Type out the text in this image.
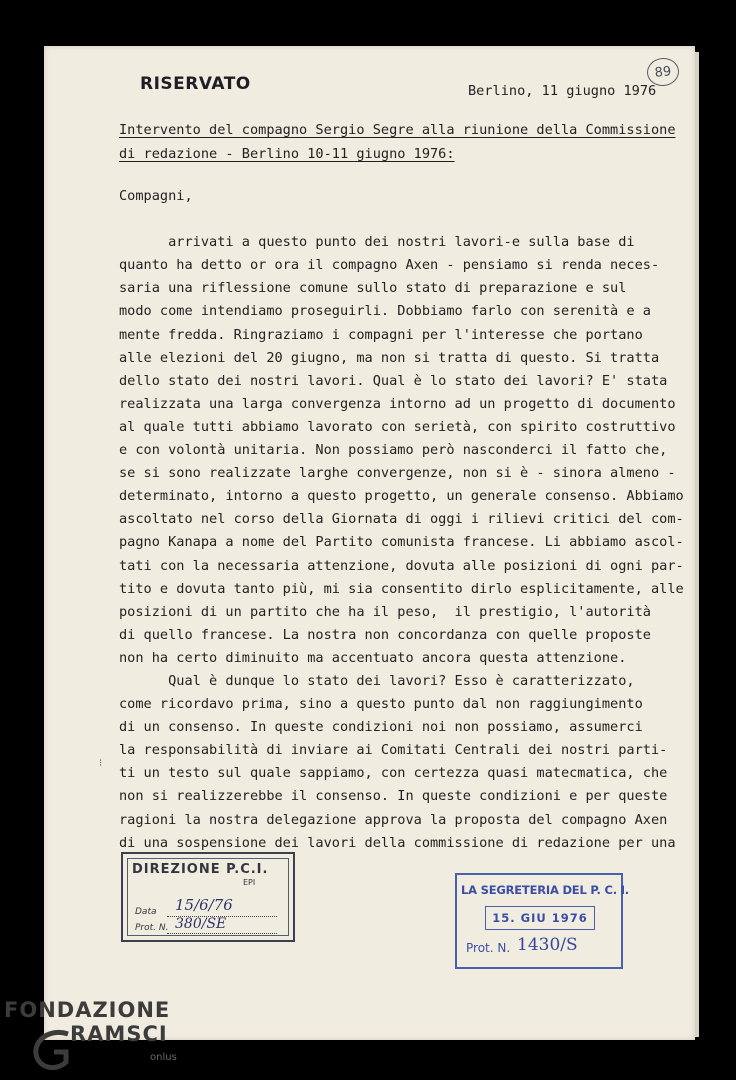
RISERVATO
89
Berlino, 11 giugno 1976
Intervento del compagno Sergio Segre alla riunione della Commissione
di redazione - Berlino 10-11 giugno 1976:
Compagni,
arrivati a questo punto dei nostri lavori-e sulla base di
quanto ha detto or ora il compagno Axen - pensiamo si renda neces-
saria una riflessione comune sullo stato di preparazione e sul
modo come intendiamo proseguirli. Dobbiamo farlo con serenità e a
mente fredda. Ringraziamo i compagni per l'interesse che portano
alle elezioni del 20 giugno, ma non si tratta di questo. Si tratta
dello stato dei nostri lavori. Qual è lo stato dei lavori? E' stata
realizzata una larga convergenza intorno ad un progetto di documento
al quale tutti abbiamo lavorato con serietà, con spirito costruttivo
e con volontà unitaria. Non possiamo però nasconderci il fatto che,
se si sono realizzate larghe convergenze, non si è - sinora almeno -
determinato, intorno a questo progetto, un generale consenso. Abbiamo
ascoltato nel corso della Giornata di oggi i rilievi critici del com-
pagno Kanapa a nome del Partito comunista francese. Li abbiamo ascol-
tati con la necessaria attenzione, dovuta alle posizioni di ogni par-
tito e dovuta tanto più, mi sia consentito dirlo esplicitamente, alle
posizioni di un partito che ha il peso,  il prestigio, l'autorità
di quello francese. La nostra non concordanza con quelle proposte
non ha certo diminuito ma accentuato ancora questa attenzione.
Qual è dunque lo stato dei lavori? Esso è caratterizzato,
come ricordavo prima, sino a questo punto dal non raggiungimento
di un consenso. In queste condizioni noi non possiamo, assumerci
la responsabilità di inviare ai Comitati Centrali dei nostri parti-
ti un testo sul quale sappiamo, con certezza quasi matecmatica, che
non si realizzerebbe il consenso. In queste condizioni e per queste
ragioni la nostra delegazione approva la proposta del compagno Axen
di una sospensione dei lavori della commissione di redazione per una
⁝
DIREZIONE P.C.I.
EPI
Data 15/6/76
Prot. N. 380/SE
LA SEGRETERIA DEL P. C. I.
15. GIU 1976
Prot. N. 1430/S
FONDAZIONE
RAMSCI
onlus
